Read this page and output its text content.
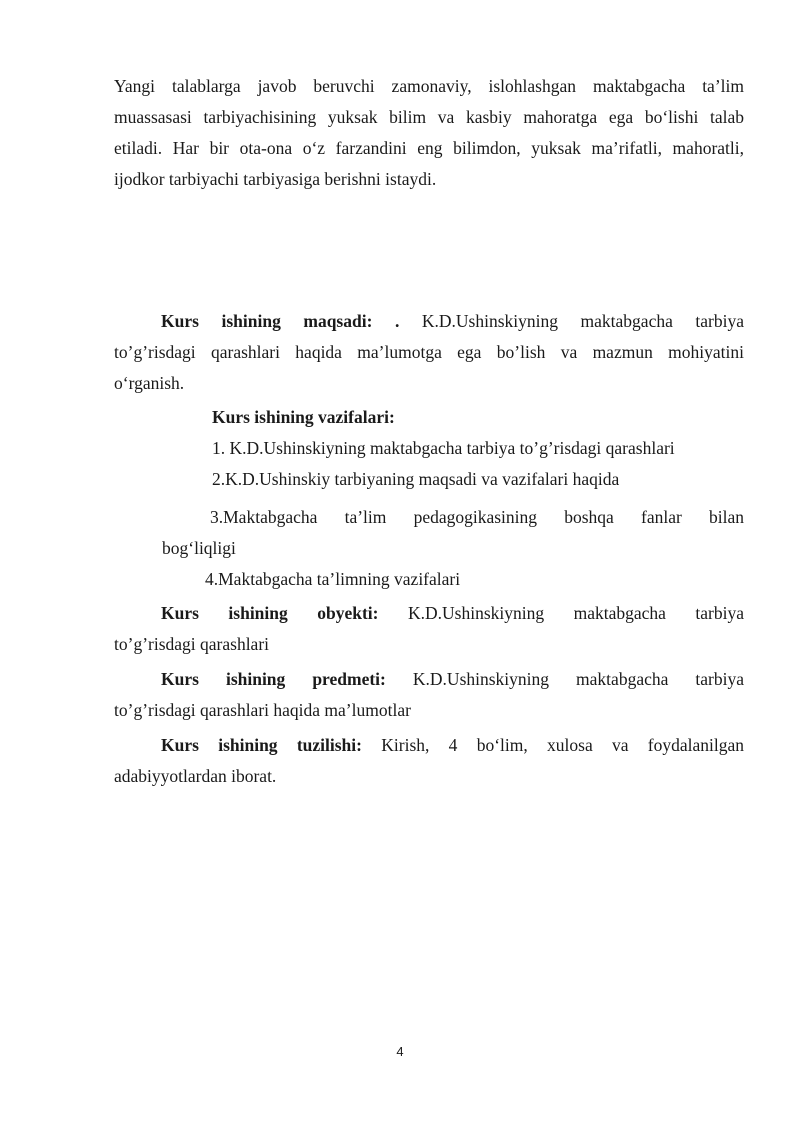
Yangi talablarga javob beruvchi zamonaviy, islohlashgan maktabgacha ta’lim
muassasasi tarbiyachisining yuksak bilim va kasbiy mahoratga ega bo‘lishi talab
etiladi. Har bir ota-ona o‘z farzandini eng bilimdon, yuksak ma’rifatli, mahoratli,
ijodkor tarbiyachi tarbiyasiga berishni istaydi.
Kurs ishining maqsadi: . K.D.Ushinskiyning maktabgacha tarbiya
to’g’risdagi qarashlari haqida ma’lumotga ega bo’lish va mazmun mohiyatini
o‘rganish.
Kurs ishining vazifalari:
1. K.D.Ushinskiyning maktabgacha tarbiya to’g’risdagi qarashlari
2.K.D.Ushinskiy tarbiyaning maqsadi va vazifalari haqida
3.Maktabgacha ta’lim pedagogikasining boshqa fanlar bilan
bog‘liqligi
4.Maktabgacha ta’limning vazifalari
Kurs ishining obyekti: K.D.Ushinskiyning maktabgacha tarbiya
to’g’risdagi qarashlari
Kurs ishining predmeti: K.D.Ushinskiyning maktabgacha tarbiya
to’g’risdagi qarashlari haqida ma’lumotlar
Kurs ishining tuzilishi: Kirish, 4 bo‘lim, xulosa va foydalanilgan
adabiyyotlardan iborat.
4
